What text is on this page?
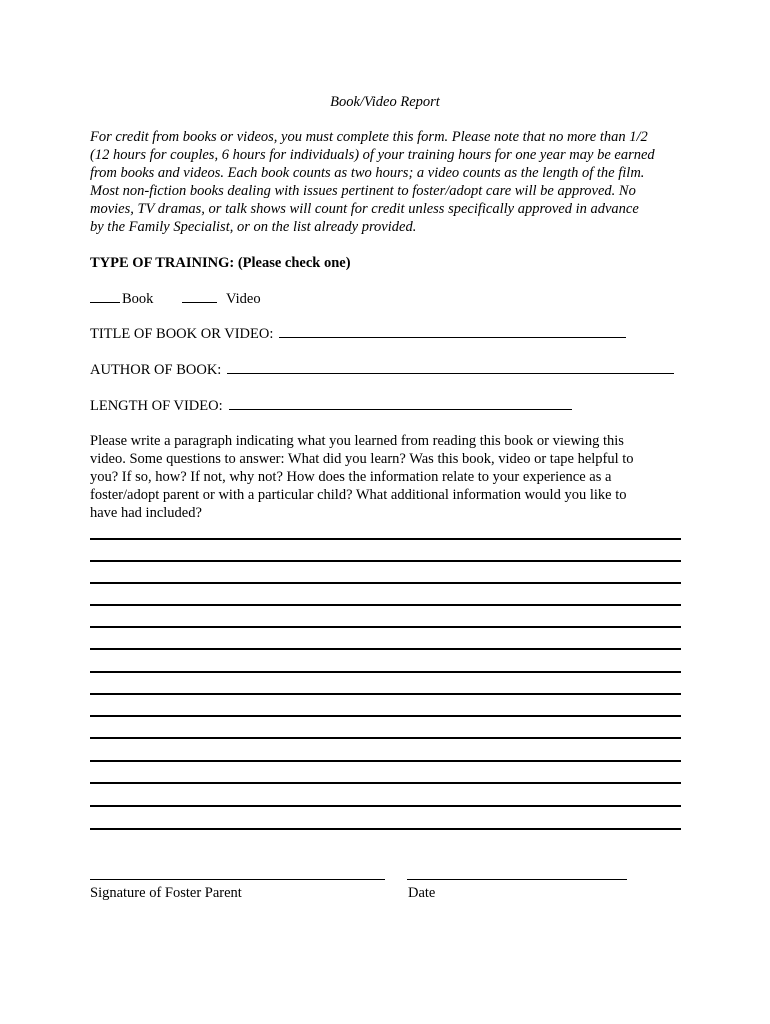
Book/Video Report
For credit from books or videos, you must complete this form. Please note that no more than 1/2
(12 hours for couples, 6 hours for individuals) of your training hours for one year may be earned
from books and videos. Each book counts as two hours; a video counts as the length of the film.
Most non-fiction books dealing with issues pertinent to foster/adopt care will be approved. No
movies, TV dramas, or talk shows will count for credit unless specifically approved in advance
by the Family Specialist, or on the list already provided.
TYPE OF TRAINING: (Please check one)
Book	Video
TITLE OF BOOK OR VIDEO:
AUTHOR OF BOOK:
LENGTH OF VIDEO:
Please write a paragraph indicating what you learned from reading this book or viewing this
video. Some questions to answer: What did you learn? Was this book, video or tape helpful to
you? If so, how? If not, why not? How does the information relate to your experience as a
foster/adopt parent or with a particular child? What additional information would you like to
have had included?
Signature of Foster Parent	Date
